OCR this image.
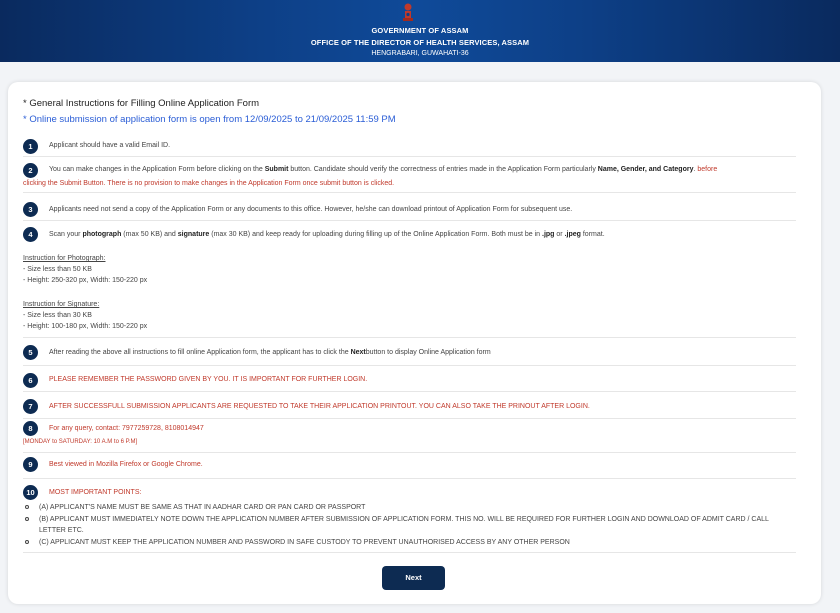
GOVERNMENT OF ASSAM
OFFICE OF THE DIRECTOR OF HEALTH SERVICES, ASSAM
HENGRABARI, GUWAHATI-36
* General Instructions for Filling Online Application Form
* Online submission of application form is open from 12/09/2025 to 21/09/2025 11:59 PM
1	Applicant should have a valid Email ID.
2	You can make changes in the Application Form before clicking on the Submit button. Candidate should verify the correctness of entries made in the Application Form particularly Name, Gender, and Category. before
clicking the Submit Button. There is no provision to make changes in the Application Form once submit button is clicked.
3	Applicants need not send a copy of the Application Form or any documents to this office. However, he/she can download printout of Application Form for subsequent use.
4	Scan your photograph (max 50 KB) and signature (max 30 KB) and keep ready for uploading during filling up of the Online Application Form. Both must be in .jpg or .jpeg format.
Instruction for Photograph:
- Size less than 50 KB
- Height: 250-320 px, Width: 150-220 px
Instruction for Signature:
- Size less than 30 KB
- Height: 100-180 px, Width: 150-220 px
5	After reading the above all instructions to fill online Application form, the applicant has to click the Nextbutton to display Online Application form
6	PLEASE REMEMBER THE PASSWORD GIVEN BY YOU. IT IS IMPORTANT FOR FURTHER LOGIN.
7	AFTER SUCCESSFULL SUBMISSION APPLICANTS ARE REQUESTED TO TAKE THEIR APPLICATION PRINTOUT. YOU CAN ALSO TAKE THE PRINOUT AFTER LOGIN.
8	For any query, contact: 7977259728, 8108014947
[MONDAY to SATURDAY: 10 A.M to 6 P.M]
9	Best viewed in Mozilla Firefox or Google Chrome.
10	MOST IMPORTANT POINTS:
(A) APPLICANT'S NAME MUST BE SAME AS THAT IN AADHAR CARD OR PAN CARD OR PASSPORT
(B) APPLICANT MUST IMMEDIATELY NOTE DOWN THE APPLICATION NUMBER AFTER SUBMISSION OF APPLICATION FORM. THIS NO. WILL BE REQUIRED FOR FURTHER LOGIN AND DOWNLOAD OF ADMIT CARD / CALL
LETTER ETC.
(C) APPLICANT MUST KEEP THE APPLICATION NUMBER AND PASSWORD IN SAFE CUSTODY TO PREVENT UNAUTHORISED ACCESS BY ANY OTHER PERSON
Next
